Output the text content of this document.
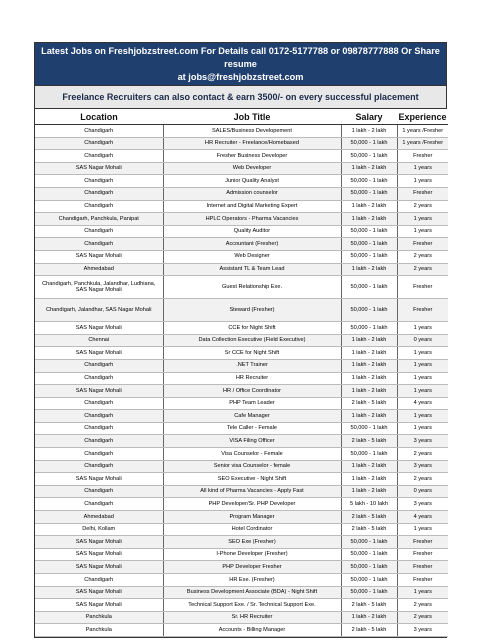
Latest Jobs on Freshjobzstreet.com For Details call 0172-5177788 or 09878777888 Or Share resume
at jobs@freshjobzstreet.com
Freelance Recruiters can also contact & earn 3500/- on every successful placement
Location	Job Title	Salary	Experience
Chandigarh	SALES/Business Developement	1 lakh - 2 lakh	1 years /Fresher
Chandigarh	HR Recruiter - Freelance/Homebased	50,000 - 1 lakh	1 years /Fresher
Chandigarh	Fresher Business Developer	50,000 - 1 lakh	Fresher
SAS Nagar Mohali	Web Developer	1 lakh - 2 lakh	1 years
Chandigarh	Junior Quality Analyst	50,000 - 1 lakh	1 years
Chandigarh	Admission counselor	50,000 - 1 lakh	Fresher
Chandigarh	Internet and Digital Marketing Expert	1 lakh - 2 lakh	2 years
Chandigarh, Panchkula, Panipat	HPLC Operators - Pharma Vacancies	1 lakh - 2 lakh	1 years
Chandigarh	Quality Auditor	50,000 - 1 lakh	1 years
Chandigarh	Accountant (Fresher)	50,000 - 1 lakh	Fresher
SAS Nagar Mohali	Web Designer	50,000 - 1 lakh	2 years
Ahmedabad	Assistant TL & Team Lead	1 lakh - 2 lakh	2 years
Chandigarh, Panchkula, Jalandhar, Ludhiana, SAS Nagar Mohali	Guest Relationship Exe.	50,000 - 1 lakh	Fresher
Chandigarh, Jalandhar, SAS Nagar Mohali	Steward (Fresher)	50,000 - 1 lakh	Fresher
SAS Nagar Mohali	CCE for Night Shift	50,000 - 1 lakh	1 years
Chennai	Data Collection Executive (Field Executive)	1 lakh - 2 lakh	0 years
SAS Nagar Mohali	Sr CCE for Night Shift	1 lakh - 2 lakh	1 years
Chandigarh	.NET Trainer	1 lakh - 2 lakh	1 years
Chandigarh	HR Recruiter	1 lakh - 2 lakh	1 years
SAS Nagar Mohali	HR / Office Coordinator	1 lakh - 2 lakh	1 years
Chandigarh	PHP Team Leader	2 lakh - 5 lakh	4 years
Chandigarh	Cafe Manager	1 lakh - 2 lakh	1 years
Chandigarh	Tele Caller - Female	50,000 - 1 lakh	1 years
Chandigarh	VISA Filing Officer	2 lakh - 5 lakh	3 years
Chandigarh	Visa Counselor - Female	50,000 - 1 lakh	2 years
Chandigarh	Senior visa Counselor - female	1 lakh - 2 lakh	3 years
SAS Nagar Mohali	SEO Executive - Night Shift	1 lakh - 2 lakh	2 years
Chandigarh	All kind of Pharma Vacancies - Apply Fast	1 lakh - 2 lakh	0 years
Chandigarh	PHP Developer/Sr. PHP Developer	5 lakh - 10 lakh	3 years
Ahmedabad	Program Manager	2 lakh - 5 lakh	4 years
Delhi, Kollam	Hotel Cordinator	2 lakh - 5 lakh	1 years
SAS Nagar Mohali	SEO Exe (Fresher)	50,000 - 1 lakh	Fresher
SAS Nagar Mohali	I-Phone Developer (Fresher)	50,000 - 1 lakh	Fresher
SAS Nagar Mohali	PHP Developer Fresher	50,000 - 1 lakh	Fresher
Chandigarh	HR Exe. (Fresher)	50,000 - 1 lakh	Fresher
SAS Nagar Mohali	Business Development Associate (BDA) - Night Shift	50,000 - 1 lakh	1 years
SAS Nagar Mohali	Technical Support Exe. / Sr. Technical Support Exe.	2 lakh - 5 lakh	2 years
Panchkula	Sr. HR Recruiter	1 lakh - 2 lakh	2 years
Panchkula	Accounts - Billing Manager	2 lakh - 5 lakh	3 years
